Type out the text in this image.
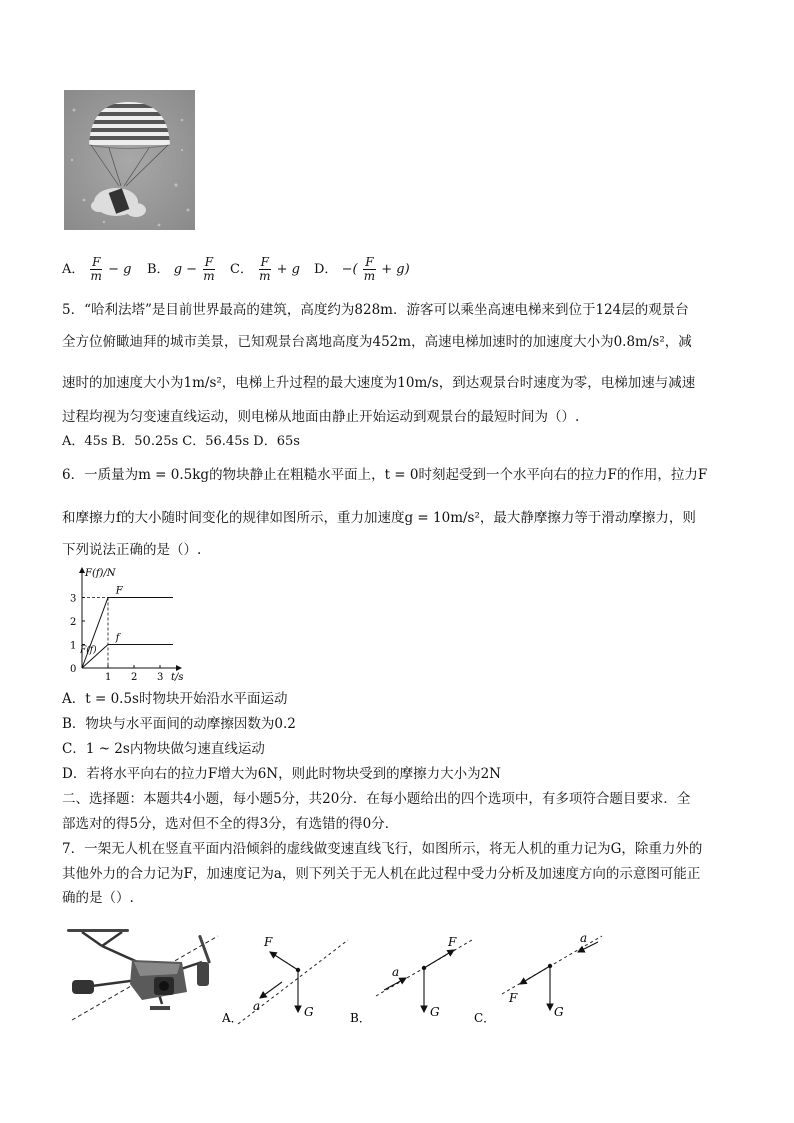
A． $\frac{F}{m} - g$ B． $g - \frac{F}{m}$ C． $\frac{F}{m} + g$ D． −( $\frac{F}{m} + g$)
5．“哈利法塔”是目前世界最高的建筑，高度约为828m．游客可以乘坐高速电梯来到位于124层的观景台
全方位俯瞰迪拜的城市美景，已知观景台离地高度为452m，高速电梯加速时的加速度大小为0.8m/s²，减
速时的加速度大小为1m/s²，电梯上升过程的最大速度为10m/s，到达观景台时速度为零，电梯加速与减速
过程均视为匀变速直线运动，则电梯从地面由静止开始运动到观景台的最短时间为（）.
A．45s B．50.25s C．56.45s D．65s
6．一质量为m = 0.5kg的物块静止在粗糙水平面上，t = 0时刻起受到一个水平向右的拉力F的作用，拉力F
和摩擦力f的大小随时间变化的规律如图所示，重力加速度g = 10m/s²，最大静摩擦力等于滑动摩擦力，则
下列说法正确的是（）.
F(f)/N
t/s
0
1
2
3
1 2 3
F
f
F(f)
A．t = 0.5s时物块开始沿水平面运动
B．物块与水平面间的动摩擦因数为0.2
C．1 ~ 2s内物块做匀速直线运动
D．若将水平向右的拉力F增大为6N，则此时物块受到的摩擦力大小为2N
二、选择题：本题共4小题，每小题5分，共20分．在每小题给出的四个选项中，有多项符合题目要求．全
部选对的得5分，选对但不全的得3分，有选错的得0分．
7．一架无人机在竖直平面内沿倾斜的虚线做变速直线飞行，如图所示，将无人机的重力记为G，除重力外的
其他外力的合力记为F，加速度记为a，则下列关于无人机在此过程中受力分析及加速度方向的示意图可能正
确的是（）.
F
a	G
A．
F
a
G
B．
a
F
G
C．
